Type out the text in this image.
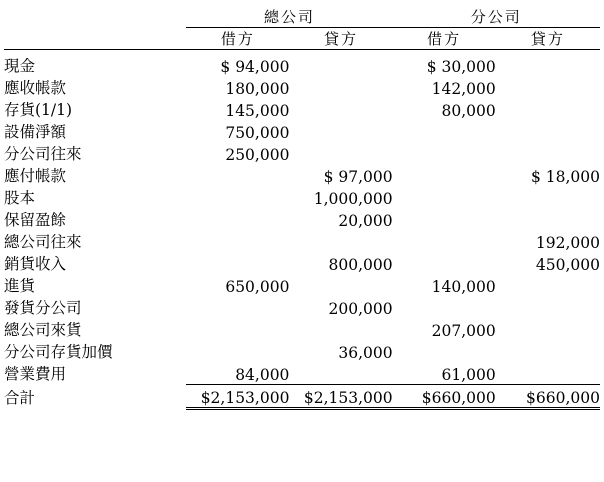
	總公司		分公司	
	借方	貸方	借方	貸方

現金	$ 94,000		$ 30,000	
應收帳款	180,000		142,000	
存貨(1/1)	145,000		80,000	
設備淨額	750,000			
分公司往來	250,000			
應付帳款		$ 97,000		$ 18,000
股本		1,000,000		
保留盈餘		20,000		
總公司往來				192,000
銷貨收入		800,000		450,000
進貨	650,000		140,000	
發貨分公司		200,000		
總公司來貨			207,000	
分公司存貨加價		36,000		
營業費用	84,000		61,000	
合計	$2,153,000	$2,153,000	$660,000	$660,000
